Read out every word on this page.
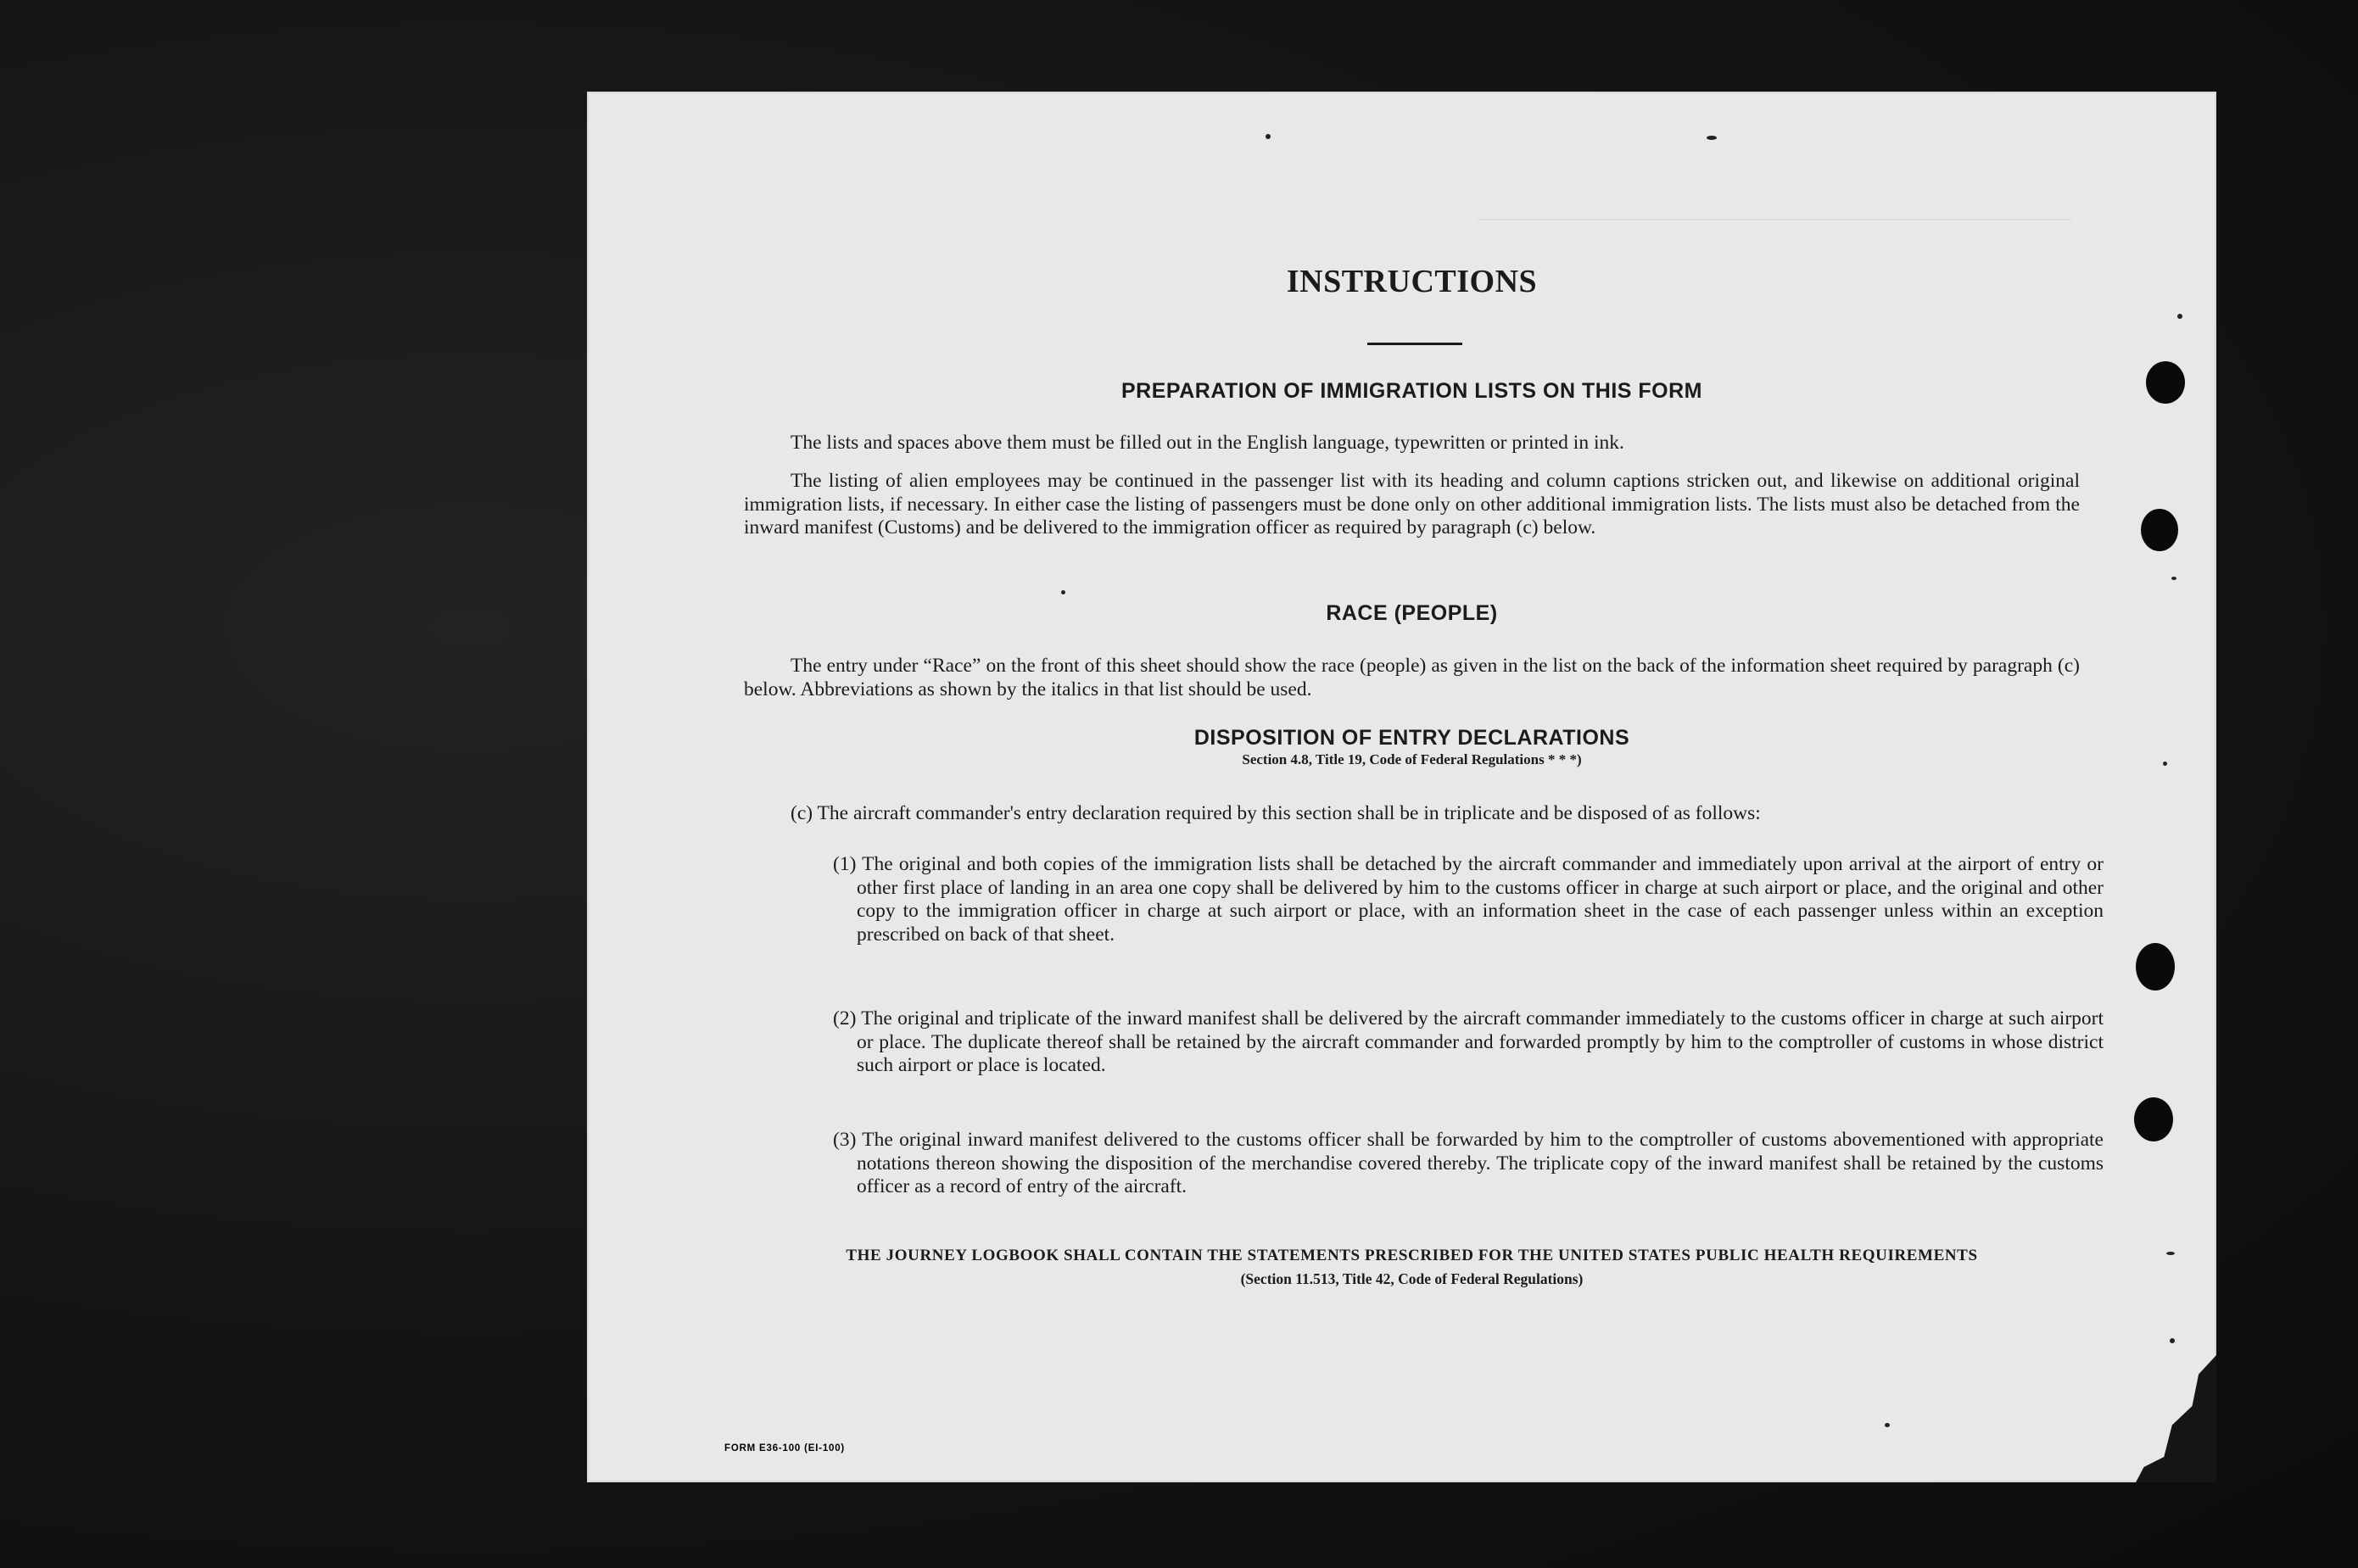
INSTRUCTIONS
PREPARATION OF IMMIGRATION LISTS ON THIS FORM
The lists and spaces above them must be filled out in the English language, typewritten or printed in ink.
The listing of alien employees may be continued in the passenger list with its heading and column captions stricken out, and likewise on additional original immigration lists, if necessary. In either case the listing of passengers must be done only on other additional immigration lists. The lists must also be detached from the inward manifest (Customs) and be delivered to the immigration officer as required by paragraph (c) below.
RACE (PEOPLE)
The entry under “Race” on the front of this sheet should show the race (people) as given in the list on the back of the information sheet required by paragraph (c) below. Abbreviations as shown by the italics in that list should be used.
DISPOSITION OF ENTRY DECLARATIONS
Section 4.8, Title 19, Code of Federal Regulations * * *)
(c) The aircraft commander's entry declaration required by this section shall be in triplicate and be disposed of as follows:
(1) The original and both copies of the immigration lists shall be detached by the aircraft commander and immediately upon arrival at the airport of entry or other first place of landing in an area one copy shall be delivered by him to the customs officer in charge at such airport or place, and the original and other copy to the immigration officer in charge at such airport or place, with an information sheet in the case of each passenger unless within an exception prescribed on back of that sheet.
(2) The original and triplicate of the inward manifest shall be delivered by the aircraft commander immediately to the customs officer in charge at such airport or place. The duplicate thereof shall be retained by the aircraft commander and forwarded promptly by him to the comptroller of customs in whose district such airport or place is located.
(3) The original inward manifest delivered to the customs officer shall be forwarded by him to the comptroller of customs abovementioned with appropriate notations thereon showing the disposition of the merchandise covered thereby. The triplicate copy of the inward manifest shall be retained by the customs officer as a record of entry of the aircraft.
THE JOURNEY LOGBOOK SHALL CONTAIN THE STATEMENTS PRESCRIBED FOR THE UNITED STATES PUBLIC HEALTH REQUIREMENTS
(Section 11.513, Title 42, Code of Federal Regulations)
FORM E36-100 (EI-100)
